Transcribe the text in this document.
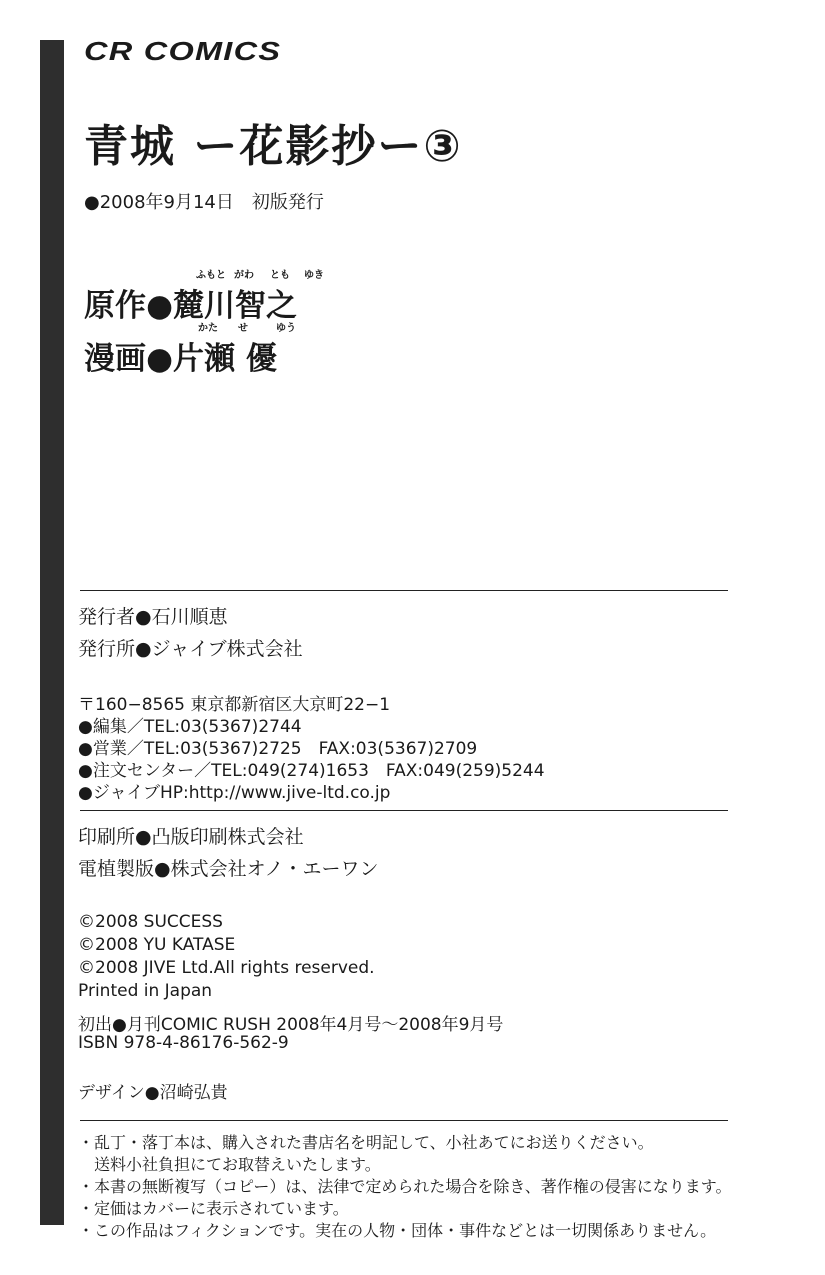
CR COMICS
青城 ー花影抄ー③
●2008年9月14日　初版発行
ふもと がわ とも ゆき
原作●麓川智之
かた せ	ゆう
漫画●片瀬 優
発行者●石川順恵
発行所●ジャイブ株式会社
〒160−8565 東京都新宿区大京町22−1
●編集／TEL:03(5367)2744
●営業／TEL:03(5367)2725　FAX:03(5367)2709
●注文センター／TEL:049(274)1653　FAX:049(259)5244
●ジャイブHP:http://www.jive-ltd.co.jp
印刷所●凸版印刷株式会社
電植製版●株式会社オノ・エーワン
©2008 SUCCESS
©2008 YU KATASE
©2008 JIVE Ltd.All rights reserved.
Printed in Japan
初出●月刊COMIC RUSH 2008年4月号〜2008年9月号
ISBN 978-4-86176-562-9
デザイン●沼崎弘貴
・乱丁・落丁本は、購入された書店名を明記して、小社あてにお送りください。
　送料小社負担にてお取替えいたします。
・本書の無断複写（コピー）は、法律で定められた場合を除き、著作権の侵害になります。
・定価はカバーに表示されています。
・この作品はフィクションです。実在の人物・団体・事件などとは一切関係ありません。
